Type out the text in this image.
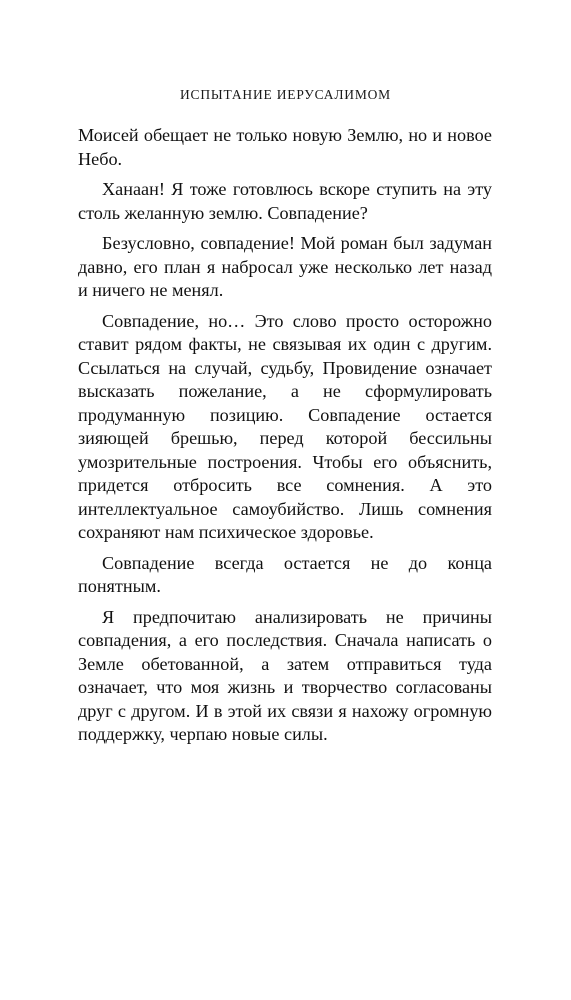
ИСПЫТАНИЕ ИЕРУСАЛИМОМ

Моисей обещает не только новую Землю, но и новое Небо.

Ханаан! Я тоже готовлюсь вскоре ступить на эту столь желанную землю. Совпадение?

Безусловно, совпадение! Мой роман был задуман давно, его план я набросал уже несколько лет назад и ничего не менял.

Совпадение, но… Это слово просто осторожно ставит рядом факты, не связывая их один с другим. Ссылаться на случай, судьбу, Провидение означает высказать пожелание, а не сформулировать продуманную позицию. Совпадение остается зияющей брешью, перед которой бессильны умозрительные построения. Чтобы его объяснить, придется отбросить все сомнения. А это интеллектуальное самоубийство. Лишь сомнения сохраняют нам психическое здоровье.

Совпадение всегда остается не до конца понятным.

Я предпочитаю анализировать не причины совпадения, а его последствия. Сначала написать о Земле обетованной, а затем отправиться туда означает, что моя жизнь и творчество согласованы друг с другом. И в этой их связи я нахожу огромную поддержку, черпаю новые силы.
